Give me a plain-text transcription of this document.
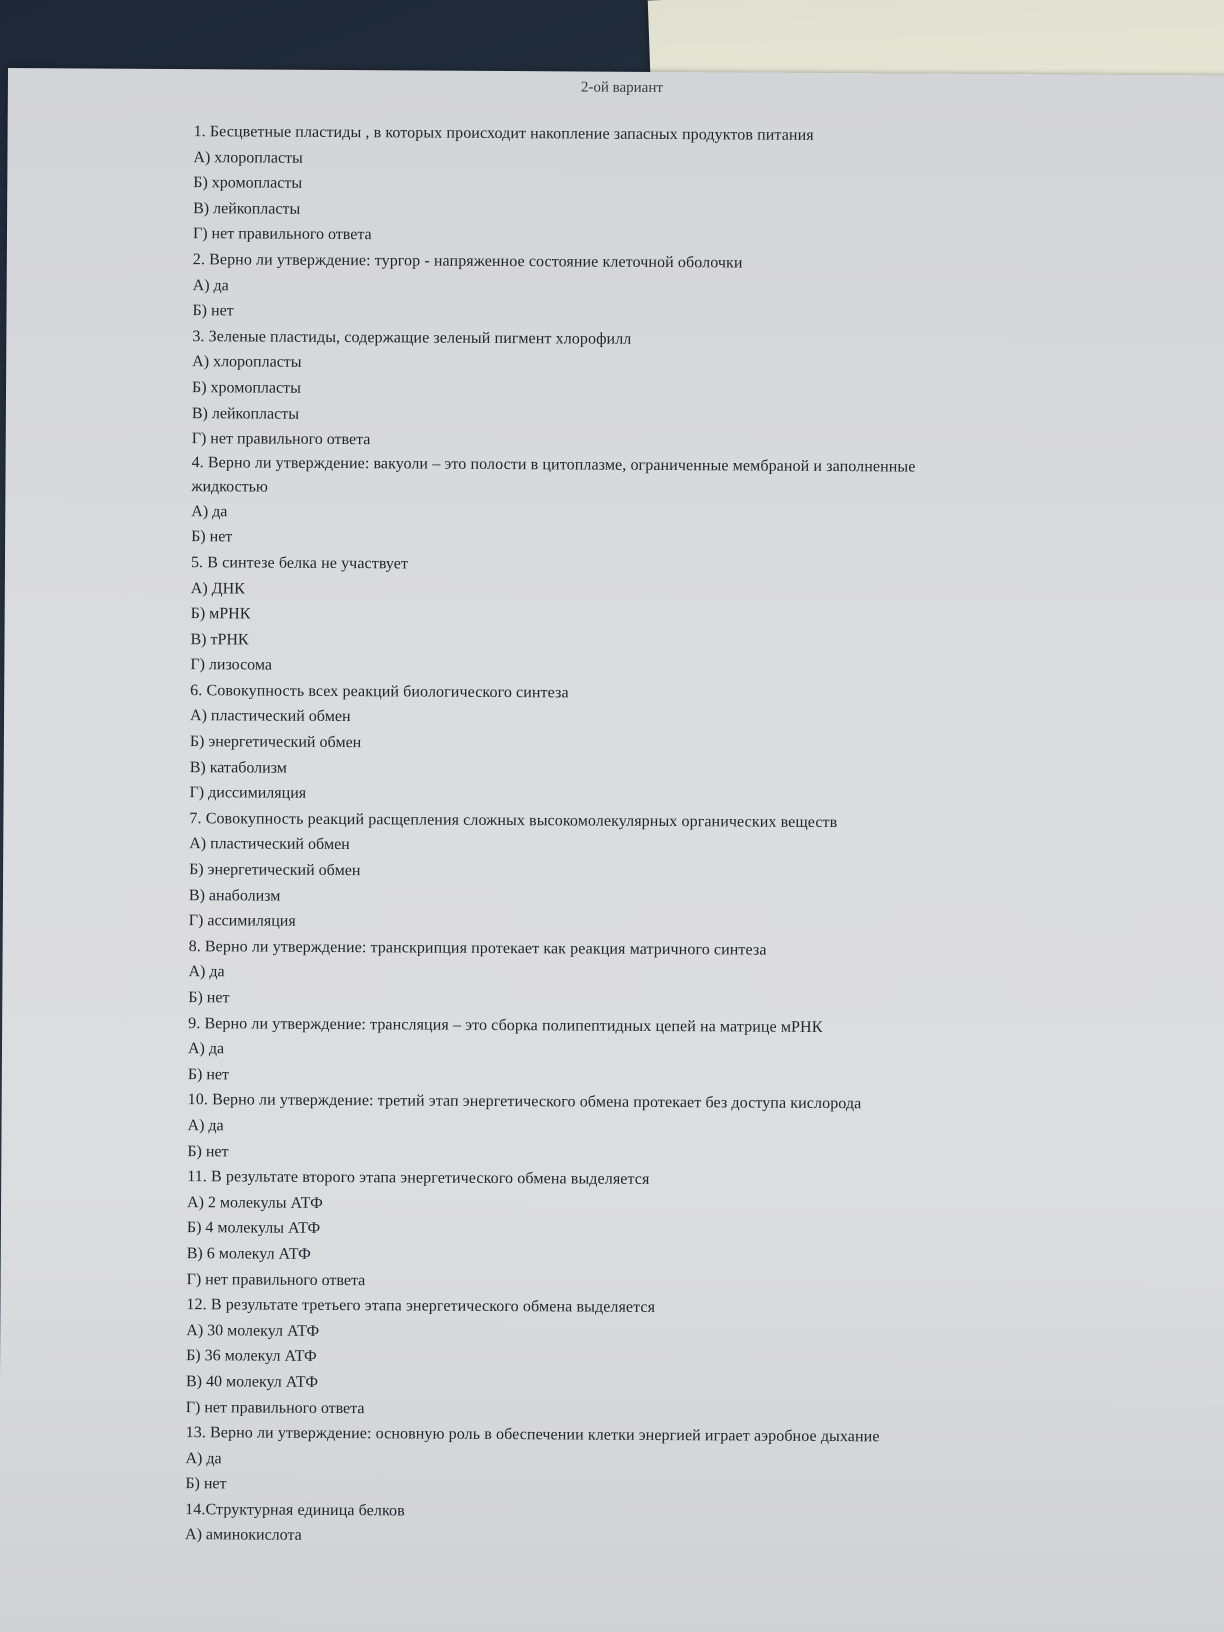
2-ой вариант
1. Бесцветные пластиды , в которых происходит накопление запасных продуктов питания
А) хлоропласты
Б) хромопласты
В) лейкопласты
Г) нет правильного ответа
2. Верно ли утверждение: тургор - напряженное состояние клеточной оболочки
А) да
Б) нет
3. Зеленые пластиды, содержащие зеленый пигмент хлорофилл
А) хлоропласты
Б) хромопласты
В) лейкопласты
Г) нет правильного ответа
4. Верно ли утверждение: вакуоли – это полости в цитоплазме, ограниченные мембраной и заполненные
жидкостью
А) да
Б) нет
5. В синтезе белка не участвует
А) ДНК
Б) мРНК
В) тРНК
Г) лизосома
6. Совокупность всех реакций биологического синтеза
А) пластический обмен
Б) энергетический обмен
В) катаболизм
Г) диссимиляция
7. Совокупность реакций расщепления сложных высокомолекулярных органических веществ
А) пластический обмен
Б) энергетический обмен
В) анаболизм
Г) ассимиляция
8. Верно ли утверждение: транскрипция протекает как реакция матричного синтеза
А) да
Б) нет
9. Верно ли утверждение: трансляция – это сборка полипептидных цепей на матрице мРНК
А) да
Б) нет
10. Верно ли утверждение: третий этап энергетического обмена протекает без доступа кислорода
А) да
Б) нет
11. В результате второго этапа энергетического обмена выделяется
А) 2 молекулы АТФ
Б) 4 молекулы АТФ
В) 6 молекул АТФ
Г) нет правильного ответа
12. В результате третьего этапа энергетического обмена выделяется
А) 30 молекул АТФ
Б) 36 молекул АТФ
В) 40 молекул АТФ
Г) нет правильного ответа
13. Верно ли утверждение: основную роль в обеспечении клетки энергией играет аэробное дыхание
А) да
Б) нет
14.Структурная единица белков
А) аминокислота
